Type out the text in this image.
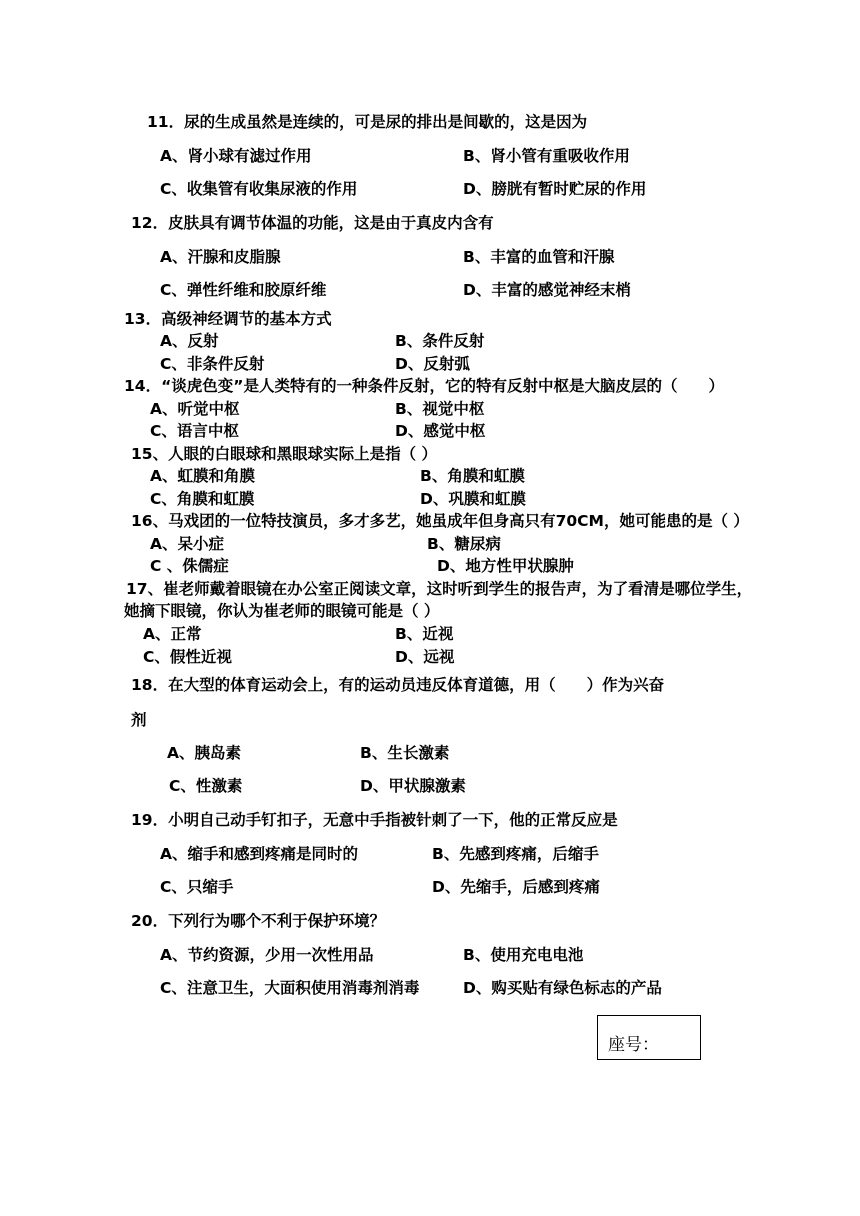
11．尿的生成虽然是连续的，可是尿的排出是间歇的，这是因为
A、肾小球有滤过作用	B、肾小管有重吸收作用
C、收集管有收集尿液的作用	D、膀胱有暂时贮尿的作用
12．皮肤具有调节体温的功能，这是由于真皮内含有
A、汗腺和皮脂腺	B、丰富的血管和汗腺
C、弹性纤维和胶原纤维	D、丰富的感觉神经末梢
13．高级神经调节的基本方式
A、反射	B、条件反射
C、非条件反射	D、反射弧
14．“谈虎色变”是人类特有的一种条件反射，它的特有反射中枢是大脑皮层的（　　）
A、听觉中枢	B、视觉中枢
C、语言中枢	D、感觉中枢
15、人眼的白眼球和黑眼球实际上是指（ ）
A、虹膜和角膜	B、角膜和虹膜
C、角膜和虹膜	D、巩膜和虹膜
16、马戏团的一位特技演员，多才多艺，她虽成年但身高只有70CM，她可能患的是（ ）
A、呆小症	B、糖尿病
C 、侏儒症	D、地方性甲状腺肿
17、崔老师戴着眼镜在办公室正阅读文章，这时听到学生的报告声，为了看清是哪位学生，
她摘下眼镜，你认为崔老师的眼镜可能是（ ）
A、正常	B、近视
C、假性近视	D、远视
18．在大型的体育运动会上，有的运动员违反体育道德，用（　　）作为兴奋
剂
A、胰岛素	B、生长激素
C、性激素	D、甲状腺激素
19．小明自己动手钉扣子，无意中手指被针刺了一下，他的正常反应是
A、缩手和感到疼痛是同时的	B、先感到疼痛，后缩手
C、只缩手	D、先缩手，后感到疼痛
20．下列行为哪个不利于保护环境？
A、节约资源，少用一次性用品	B、使用充电电池
C、注意卫生，大面积使用消毒剂消毒	D、购买贴有绿色标志的产品
座号：
